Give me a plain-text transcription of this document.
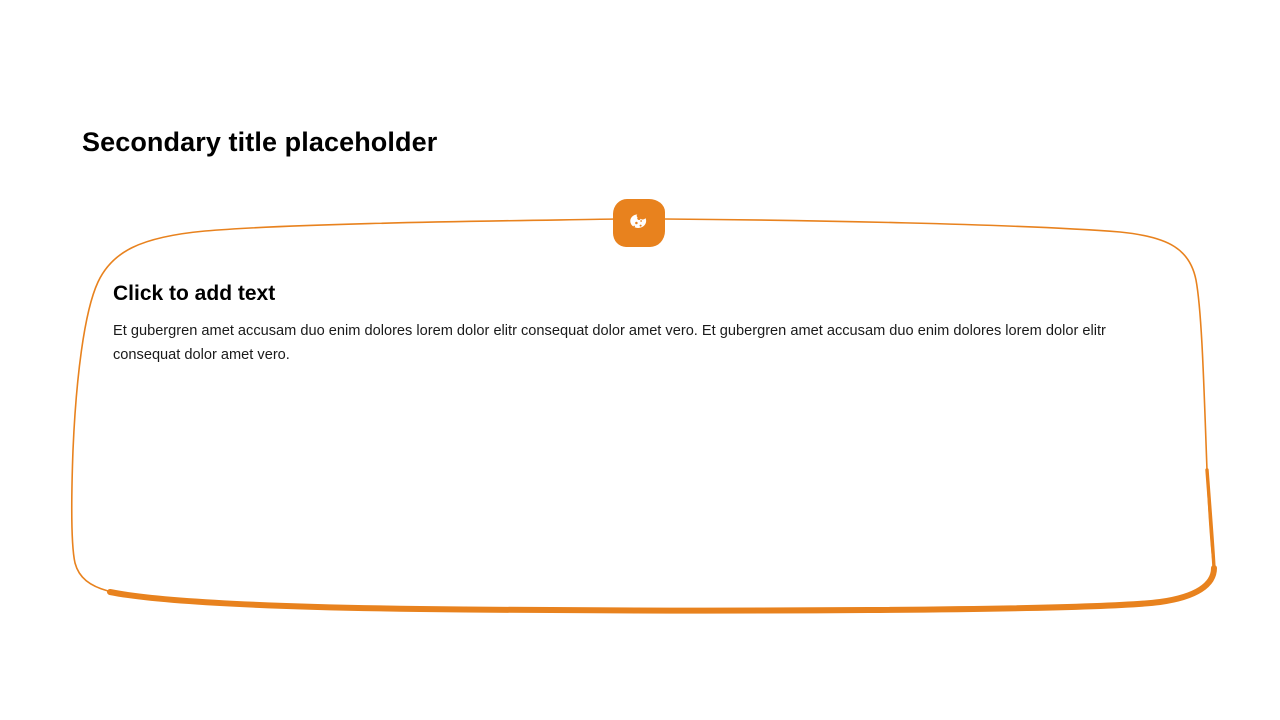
Secondary title placeholder
Click to add text

Et gubergren amet accusam duo enim dolores lorem dolor elitr consequat dolor amet vero. Et gubergren amet accusam duo enim dolores lorem dolor elitr consequat dolor amet vero.
